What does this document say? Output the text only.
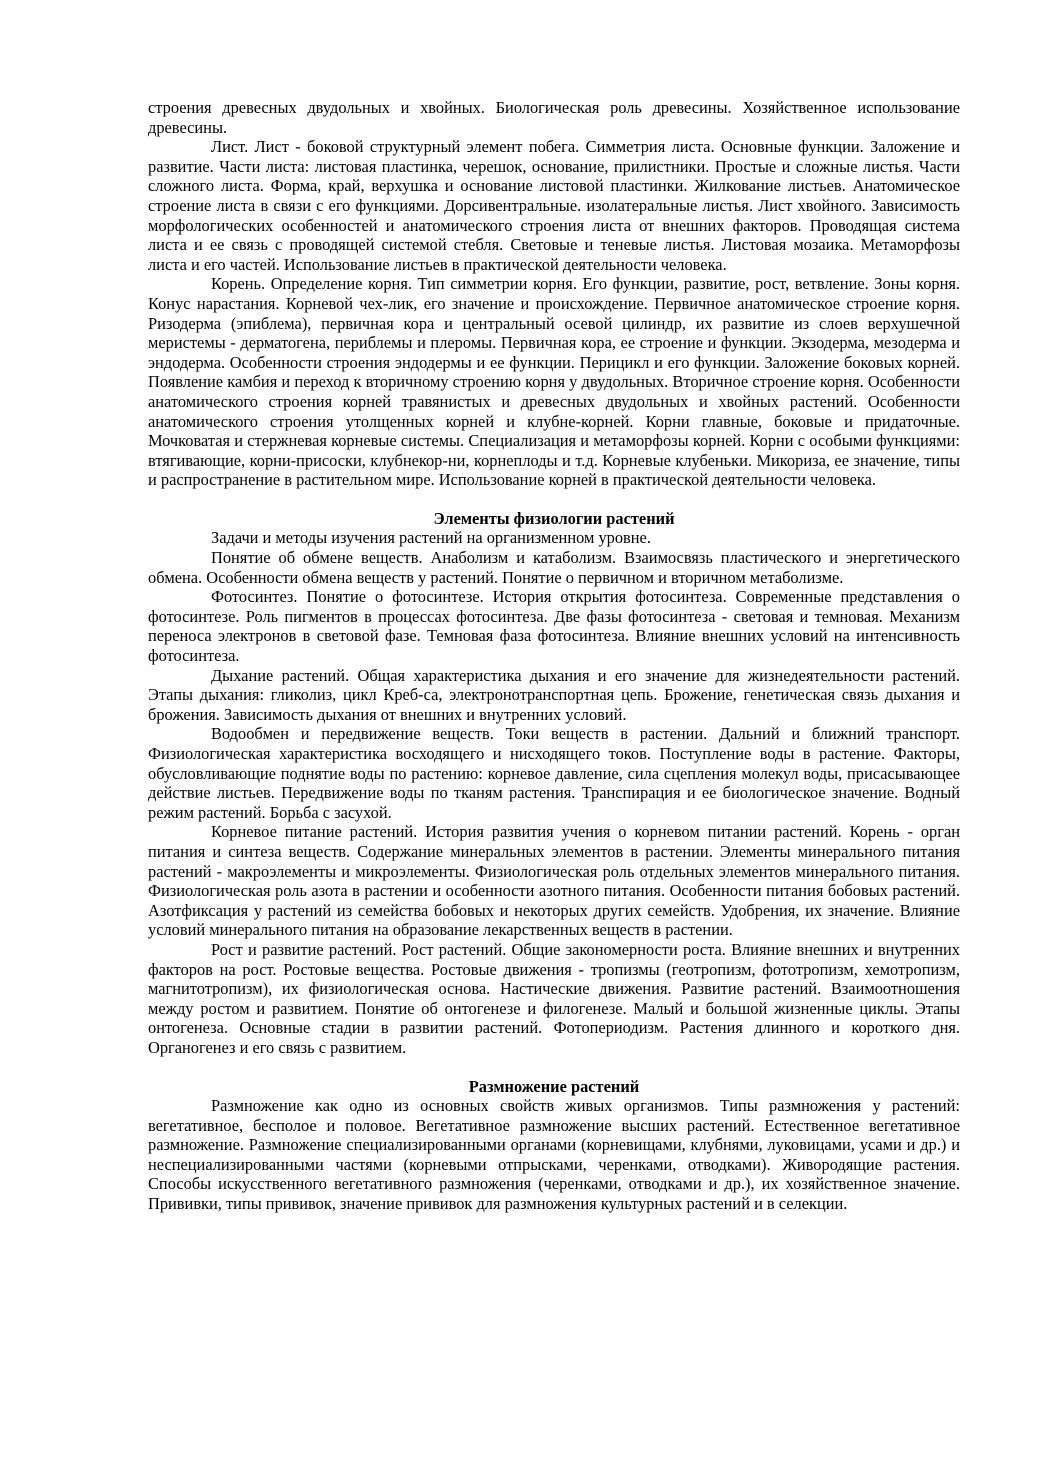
строения древесных двудольных и хвойных. Биологическая роль древесины. Хозяйственное использование древесины.

Лист. Лист - боковой структурный элемент побега. Симметрия листа. Основные функции. Заложение и развитие. Части листа: листовая пластинка, черешок, основание, прилистники. Простые и сложные листья. Части сложного листа. Форма, край, верхушка и основание листовой пластинки. Жилкование листьев. Анатомическое строение листа в связи с его функциями. Дорсивентральные. изолатеральные листья. Лист хвойного. Зависимость морфологических особенностей и анатомического строения листа от внешних факторов. Проводящая система листа и ее связь с проводящей системой стебля. Световые и теневые листья. Листовая мозаика. Метаморфозы листа и его частей. Использование листьев в практической деятельности человека.

Корень. Определение корня. Тип симметрии корня. Его функции, развитие, рост, ветвление. Зоны корня. Конус нарастания. Корневой чех-лик, его значение и происхождение. Первичное анатомическое строение корня. Ризодерма (эпиблема), первичная кора и центральный осевой цилиндр, их развитие из слоев верхушечной меристемы - дерматогена, периблемы и плеромы. Первичная кора, ее строение и функции. Экзодерма, мезодерма и эндодерма. Особенности строения эндодермы и ее функции. Перицикл и его функции. Заложение боковых корней. Появление камбия и переход к вторичному строению корня у двудольных. Вторичное строение корня. Особенности анатомического строения корней травянистых и древесных двудольных и хвойных растений. Особенности анатомического строения утолщенных корней и клубне-корней. Корни главные, боковые и придаточные. Мочковатая и стержневая корневые системы. Специализация и метаморфозы корней. Корни с особыми функциями: втягивающие, корни-присоски, клубнекор-ни, корнеплоды и т.д. Корневые клубеньки. Микориза, ее значение, типы и распространение в растительном мире. Использование корней в практической деятельности человека.

Элементы физиологии растений

Задачи и методы изучения растений на организменном уровне.

Понятие об обмене веществ. Анаболизм и катаболизм. Взаимосвязь пластического и энергетического обмена. Особенности обмена веществ у растений. Понятие о первичном и вторичном метаболизме.

Фотосинтез. Понятие о фотосинтезе. История открытия фотосинтеза. Современные представления о фотосинтезе. Роль пигментов в процессах фотосинтеза. Две фазы фотосинтеза - световая и темновая. Механизм переноса электронов в световой фазе. Темновая фаза фотосинтеза. Влияние внешних условий на интенсивность фотосинтеза.

Дыхание растений. Общая характеристика дыхания и его значение для жизнедеятельности растений. Этапы дыхания: гликолиз, цикл Креб-са, электронотранспортная цепь. Брожение, генетическая связь дыхания и брожения. Зависимость дыхания от внешних и внутренних условий.

Водообмен и передвижение веществ. Токи веществ в растении. Дальний и ближний транспорт. Физиологическая характеристика восходящего и нисходящего токов. Поступление воды в растение. Факторы, обусловливающие поднятие воды по растению: корневое давление, сила сцепления молекул воды, присасывающее действие листьев. Передвижение воды по тканям растения. Транспирация и ее биологическое значение. Водный режим растений. Борьба с засухой.

Корневое питание растений. История развития учения о корневом питании растений. Корень - орган питания и синтеза веществ. Содержание минеральных элементов в растении. Элементы минерального питания растений - макроэлементы и микроэлементы. Физиологическая роль отдельных элементов минерального питания. Физиологическая роль азота в растении и особенности азотного питания. Особенности питания бобовых растений. Азотфиксация у растений из семейства бобовых и некоторых других семейств. Удобрения, их значение. Влияние условий минерального питания на образование лекарственных веществ в растении.

Рост и развитие растений. Рост растений. Общие закономерности роста. Влияние внешних и внутренних факторов на рост. Ростовые вещества. Ростовые движения - тропизмы (геотропизм, фототропизм, хемотропизм, магнитотропизм), их физиологическая основа. Настические движения. Развитие растений. Взаимоотношения между ростом и развитием. Понятие об онтогенезе и филогенезе. Малый и большой жизненные циклы. Этапы онтогенеза. Основные стадии в развитии растений. Фотопериодизм. Растения длинного и короткого дня. Органогенез и его связь с развитием.

Размножение растений

Размножение как одно из основных свойств живых организмов. Типы размножения у растений: вегетативное, бесполое и половое. Вегетативное размножение высших растений. Естественное вегетативное размножение. Размножение специализированными органами (корневищами, клубнями, луковицами, усами и др.) и неспециализированными частями (корневыми отпрысками, черенками, отводками). Живородящие растения. Способы искусственного вегетативного размножения (черенками, отводками и др.), их хозяйственное значение. Прививки, типы прививок, значение прививок для размножения культурных растений и в селекции.
